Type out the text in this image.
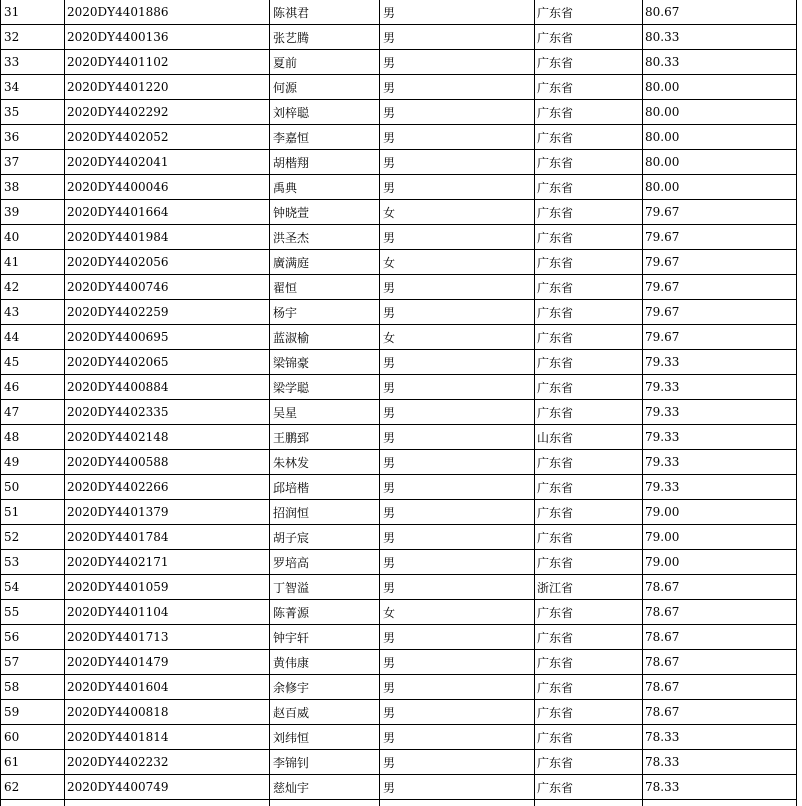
31	2020DY4401886	陈祺君	男	广东省	80.67
32	2020DY4400136	张艺腾	男	广东省	80.33
33	2020DY4401102	夏前	男	广东省	80.33
34	2020DY4401220	何源	男	广东省	80.00
35	2020DY4402292	刘梓聪	男	广东省	80.00
36	2020DY4402052	李嘉恒	男	广东省	80.00
37	2020DY4402041	胡楷翔	男	广东省	80.00
38	2020DY4400046	禹典	男	广东省	80.00
39	2020DY4401664	钟晓萱	女	广东省	79.67
40	2020DY4401984	洪圣杰	男	广东省	79.67
41	2020DY4402056	廣满庭	女	广东省	79.67
42	2020DY4400746	翟恒	男	广东省	79.67
43	2020DY4402259	杨宇	男	广东省	79.67
44	2020DY4400695	蓝淑榆	女	广东省	79.67
45	2020DY4402065	梁锦豪	男	广东省	79.33
46	2020DY4400884	梁学聪	男	广东省	79.33
47	2020DY4402335	吴星	男	广东省	79.33
48	2020DY4402148	王鹏郅	男	山东省	79.33
49	2020DY4400588	朱林发	男	广东省	79.33
50	2020DY4402266	邱培楷	男	广东省	79.33
51	2020DY4401379	招润恒	男	广东省	79.00
52	2020DY4401784	胡子宸	男	广东省	79.00
53	2020DY4402171	罗培高	男	广东省	79.00
54	2020DY4401059	丁智溢	男	浙江省	78.67
55	2020DY4401104	陈菁源	女	广东省	78.67
56	2020DY4401713	钟宇轩	男	广东省	78.67
57	2020DY4401479	黄伟康	男	广东省	78.67
58	2020DY4401604	余修宇	男	广东省	78.67
59	2020DY4400818	赵百威	男	广东省	78.67
60	2020DY4401814	刘纬恒	男	广东省	78.33
61	2020DY4402232	李锦钊	男	广东省	78.33
62	2020DY4400749	慈灿宇	男	广东省	78.33
